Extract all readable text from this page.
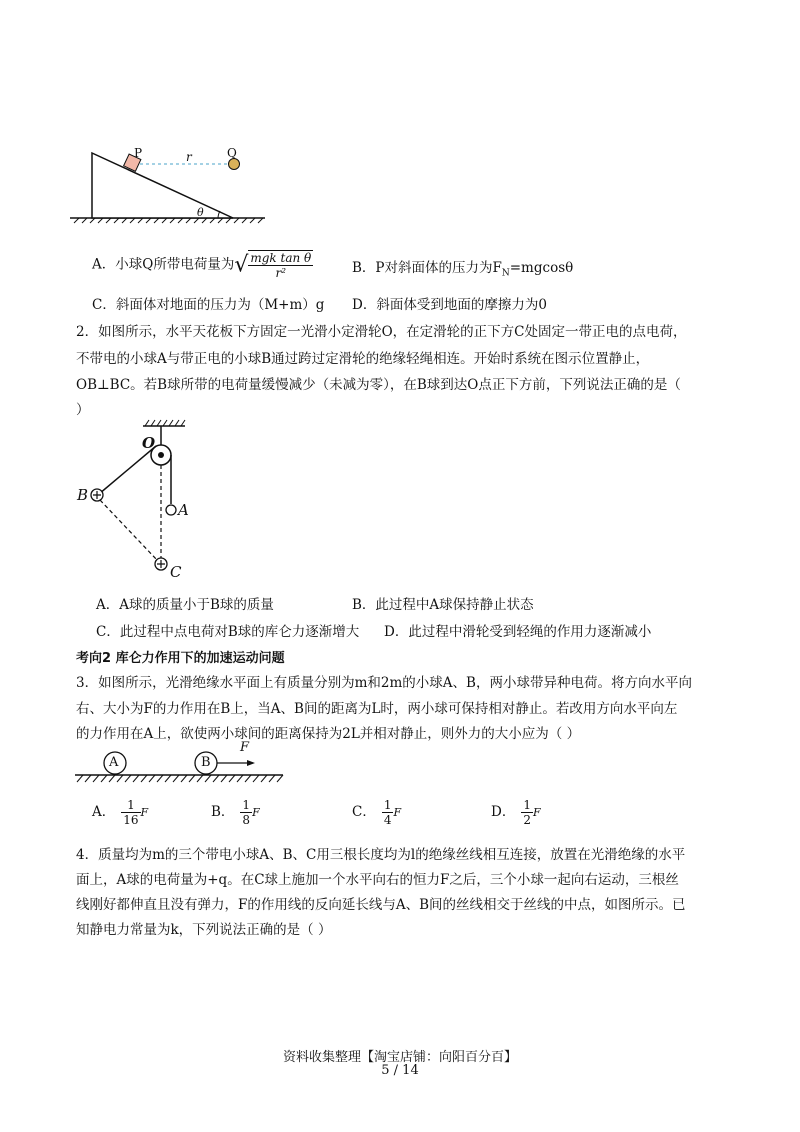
P	r	Q
θ
A．小球Q所带电荷量为√ $\frac{\text{mgk tan θ}}{\text{r²}}$	B．P对斜面体的压力为$F_N=mgcos\theta$
C．斜面体对地面的压力为（M+m）g D．斜面体受到地面的摩擦力为0
2．如图所示，水平天花板下方固定一光滑小定滑轮O，在定滑轮的正下方C处固定一带正电的点电荷，
不带电的小球A与带正电的小球B通过跨过定滑轮的绝缘轻绳相连。开始时系统在图示位置静止，
OB⊥BC。若B球所带的电荷量缓慢减少（未减为零），在B球到达O点正下方前，下列说法正确的是（
）
O
B
A
C
A．A球的质量小于B球的质量	B．此过程中A球保持静止状态
C．此过程中点电荷对B球的库仑力逐渐增大 D．此过程中滑轮受到轻绳的作用力逐渐减小
考向2 库仑力作用下的加速运动问题
3．如图所示，光滑绝缘水平面上有质量分别为m和2m的小球A、B，两小球带异种电荷。将方向水平向
右、大小为F的力作用在B上，当A、B间的距离为L时，两小球可保持相对静止。若改用方向水平向左
的力作用在A上，欲使两小球间的距离保持为2L并相对静止，则外力的大小应为（ ）
A	B
F
A． $\frac{1}{16}$ F	B． $\frac{1}{8}$ F	C． $\frac{1}{4}$ F	D． $\frac{1}{2}$ F
4．质量均为m的三个带电小球A、B、C用三根长度均为l的绝缘丝线相互连接，放置在光滑绝缘的水平
面上，A球的电荷量为+q。在C球上施加一个水平向右的恒力F之后，三个小球一起向右运动，三根丝
线刚好都伸直且没有弹力，F的作用线的反向延长线与A、B间的丝线相交于丝线的中点，如图所示。已
知静电力常量为k，下列说法正确的是（ ）
资料收集整理【淘宝店铺：向阳百分百】
5 / 14
